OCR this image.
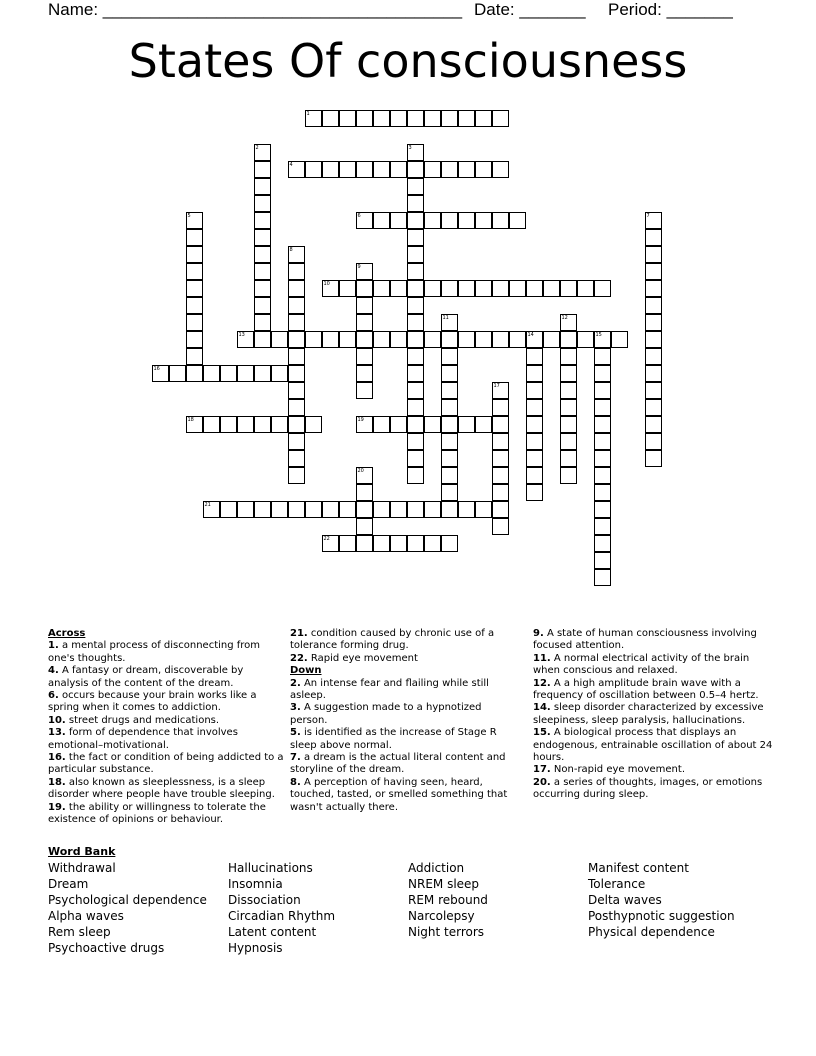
Name: ______________________________________ Date: _______ Period: _______
States Of consciousness
1
2	3
4
5	6	7
8
9
10
11	12
13	14	15
16
17
18	19
20
21
22
Across
1. a mental process of disconnecting from one's thoughts.
4. A fantasy or dream, discoverable by analysis of the content of the dream.
6. occurs because your brain works like a spring when it comes to addiction.
10. street drugs and medications.
13. form of dependence that involves emotional–motivational.
16. the fact or condition of being addicted to a particular substance.
18. also known as sleeplessness, is a sleep disorder where people have trouble sleeping.
19. the ability or willingness to tolerate the existence of opinions or behaviour.
21. condition caused by chronic use of a tolerance forming drug.
22. Rapid eye movement
Down
2. An intense fear and flailing while still asleep.
3. A suggestion made to a hypnotized person.
5. is identified as the increase of Stage R sleep above normal.
7. a dream is the actual literal content and storyline of the dream.
8. A perception of having seen, heard, touched, tasted, or smelled something that wasn't actually there.
9. A state of human consciousness involving focused attention.
11. A normal electrical activity of the brain when conscious and relaxed.
12. A a high amplitude brain wave with a frequency of oscillation between 0.5–4 hertz.
14. sleep disorder characterized by excessive sleepiness, sleep paralysis, hallucinations.
15. A biological process that displays an endogenous, entrainable oscillation of about 24 hours.
17. Non-rapid eye movement.
20. a series of thoughts, images, or emotions occurring during sleep.
Word Bank
Withdrawal
Dream
Psychological dependence
Alpha waves
Rem sleep
Psychoactive drugs
Hallucinations
Insomnia
Dissociation
Circadian Rhythm
Latent content
Hypnosis
Addiction
NREM sleep
REM rebound
Narcolepsy
Night terrors
Manifest content
Tolerance
Delta waves
Posthypnotic suggestion
Physical dependence
